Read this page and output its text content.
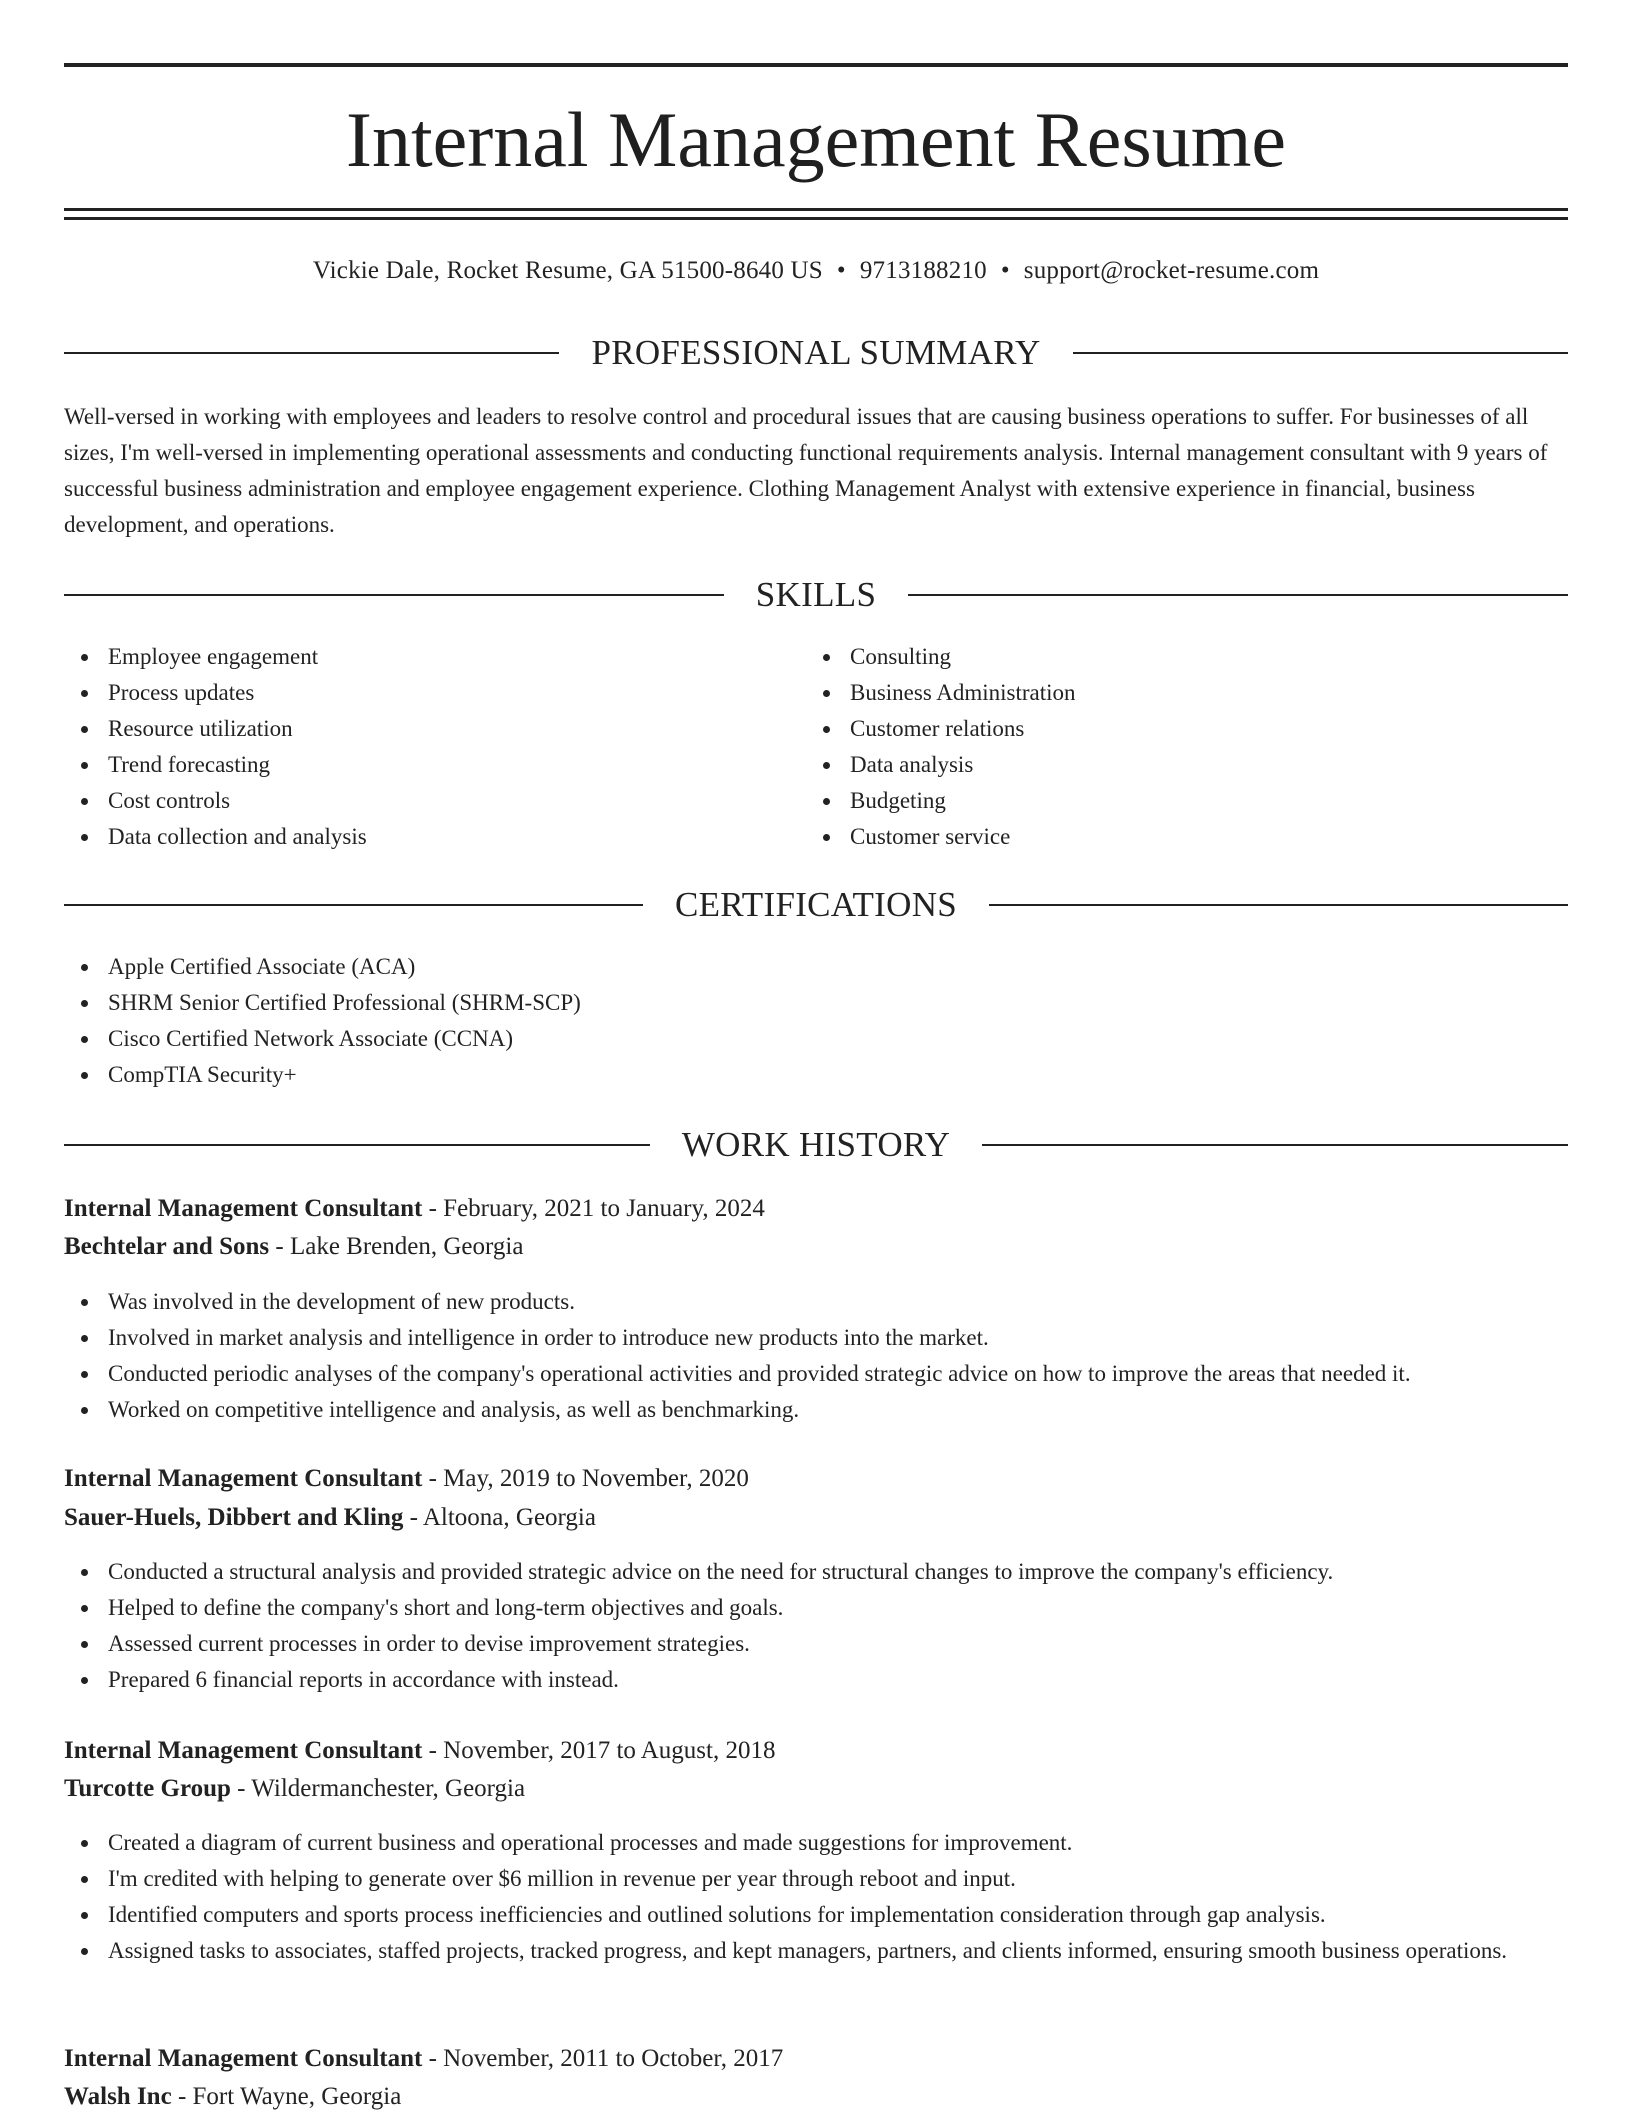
Internal Management Resume
Vickie Dale, Rocket Resume, GA 51500-8640 US • 9713188210 • support@rocket-resume.com
PROFESSIONAL SUMMARY

Well-versed in working with employees and leaders to resolve control and procedural issues that are causing business operations to suffer. For businesses of all sizes, I'm well-versed in implementing operational assessments and conducting functional requirements analysis. Internal management consultant with 9 years of successful business administration and employee engagement experience. Clothing Management Analyst with extensive experience in financial, business development, and operations.

SKILLS
Employee engagement
Process updates
Resource utilization
Trend forecasting
Cost controls
Data collection and analysis
Consulting
Business Administration
Customer relations
Data analysis
Budgeting
Customer service
CERTIFICATIONS
Apple Certified Associate (ACA)
SHRM Senior Certified Professional (SHRM-SCP)
Cisco Certified Network Associate (CCNA)
CompTIA Security+
WORK HISTORY
Internal Management Consultant - February, 2021 to January, 2024
Bechtelar and Sons - Lake Brenden, Georgia
Was involved in the development of new products.
Involved in market analysis and intelligence in order to introduce new products into the market.
Conducted periodic analyses of the company's operational activities and provided strategic advice on how to improve the areas that needed it.
Worked on competitive intelligence and analysis, as well as benchmarking.
Internal Management Consultant - May, 2019 to November, 2020
Sauer-Huels, Dibbert and Kling - Altoona, Georgia
Conducted a structural analysis and provided strategic advice on the need for structural changes to improve the company's efficiency.
Helped to define the company's short and long-term objectives and goals.
Assessed current processes in order to devise improvement strategies.
Prepared 6 financial reports in accordance with instead.
Internal Management Consultant - November, 2017 to August, 2018
Turcotte Group - Wildermanchester, Georgia
Created a diagram of current business and operational processes and made suggestions for improvement.
I'm credited with helping to generate over $6 million in revenue per year through reboot and input.
Identified computers and sports process inefficiencies and outlined solutions for implementation consideration through gap analysis.
Assigned tasks to associates, staffed projects, tracked progress, and kept managers, partners, and clients informed, ensuring smooth business operations.
Internal Management Consultant - November, 2011 to October, 2017
Walsh Inc - Fort Wayne, Georgia
